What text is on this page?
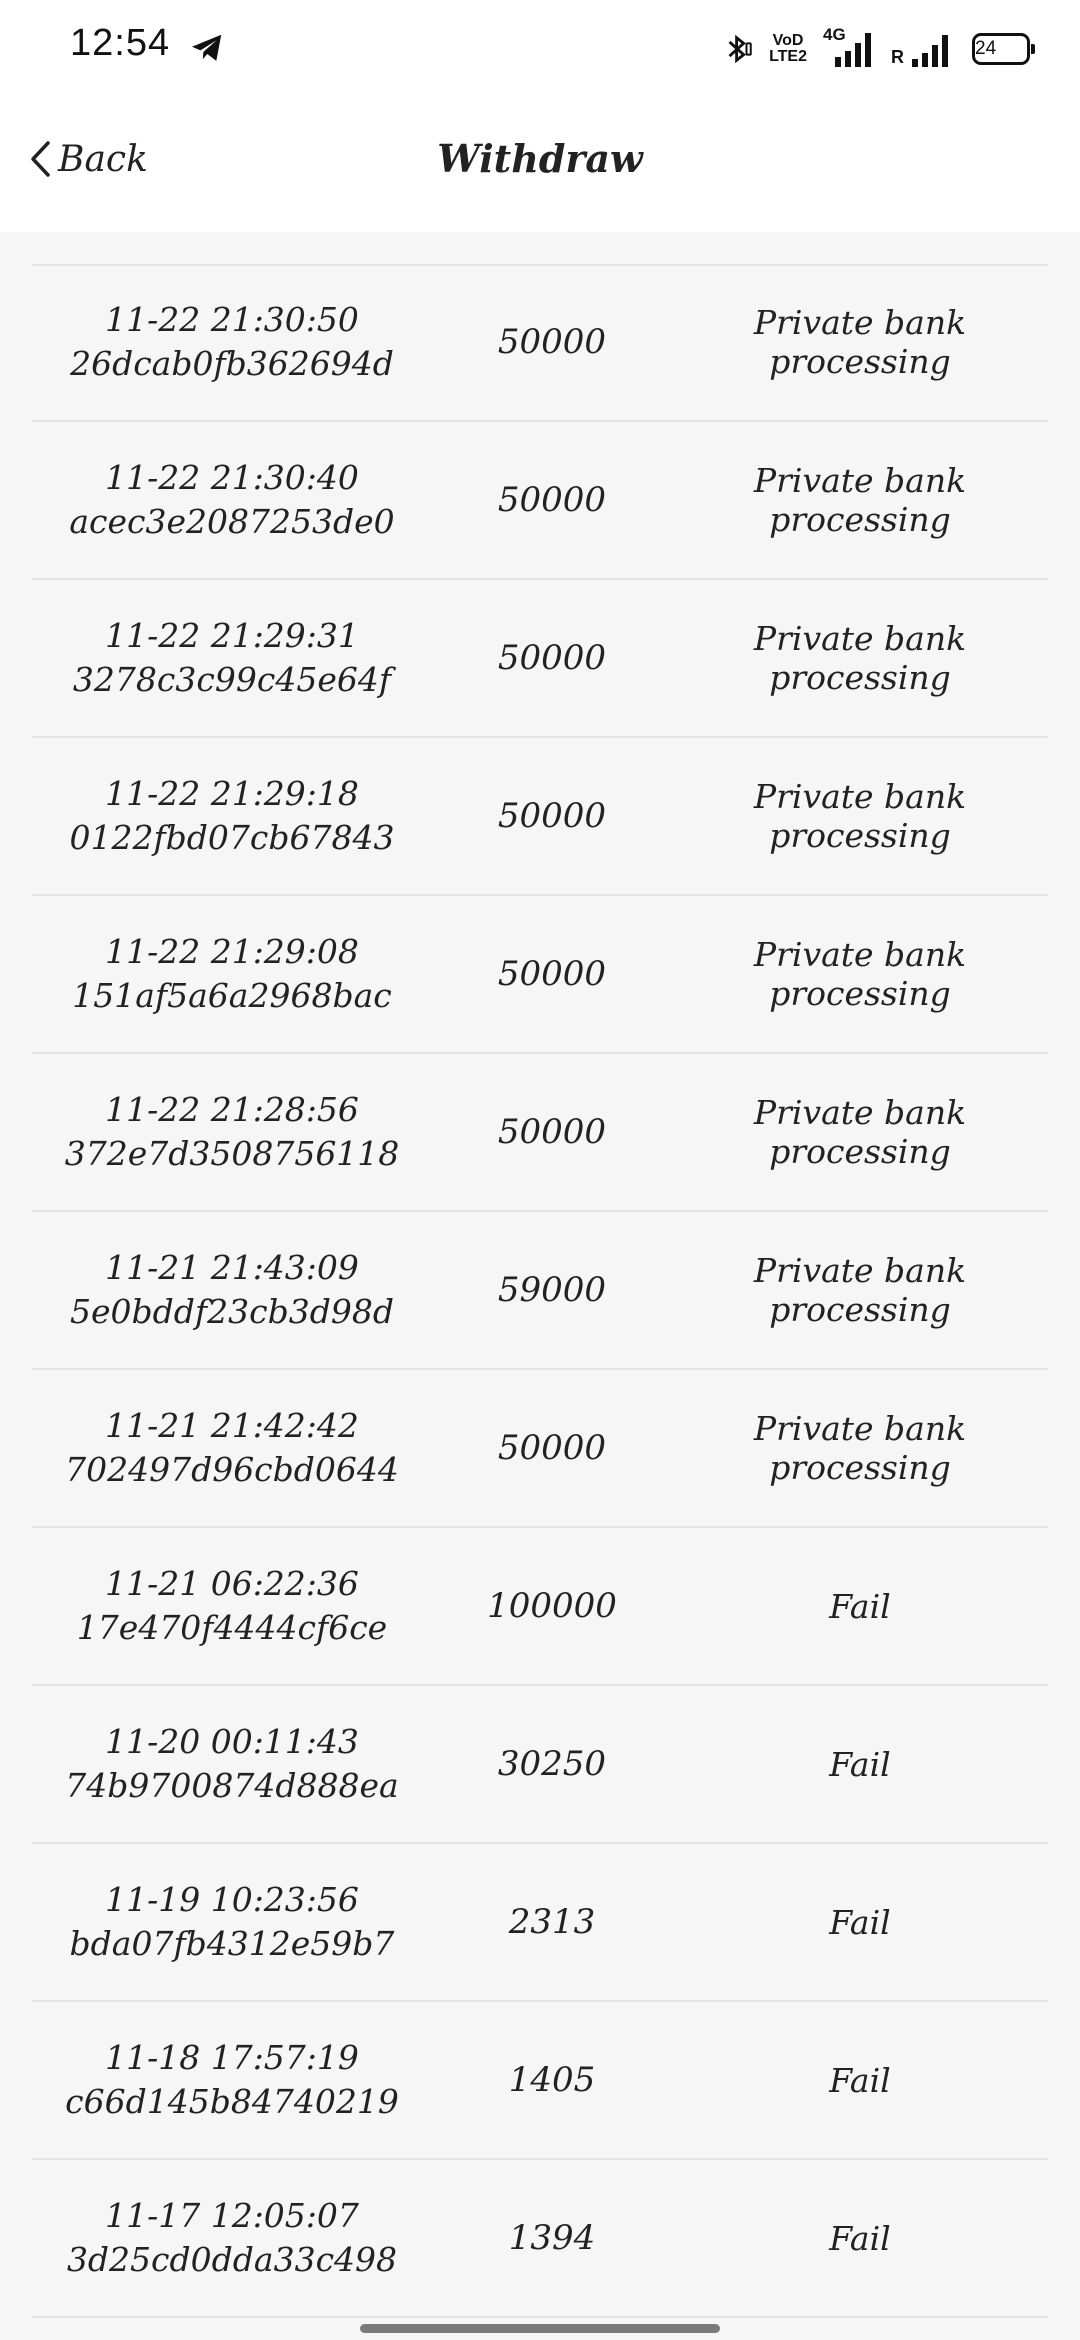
12:54	VoD
LTE2
4G
R	24
Withdraw
Back
11-22 21:30:50
26dcab0fb362694d
50000	Private bank processing
11-22 21:30:40
acec3e2087253de0
50000	Private bank processing
11-22 21:29:31
3278c3c99c45e64f
50000	Private bank processing
11-22 21:29:18
0122fbd07cb67843
50000	Private bank processing
11-22 21:29:08
151af5a6a2968bac
50000	Private bank processing
11-22 21:28:56
372e7d3508756118
50000	Private bank processing
11-21 21:43:09
5e0bddf23cb3d98d
59000	Private bank processing
11-21 21:42:42
702497d96cbd0644
50000	Private bank processing
11-21 06:22:36
17e470f4444cf6ce
100000	Fail
11-20 00:11:43
74b9700874d888ea
30250	Fail
11-19 10:23:56
bda07fb4312e59b7
2313	Fail
11-18 17:57:19
c66d145b84740219
1405	Fail
11-17 12:05:07
3d25cd0dda33c498
1394	Fail
